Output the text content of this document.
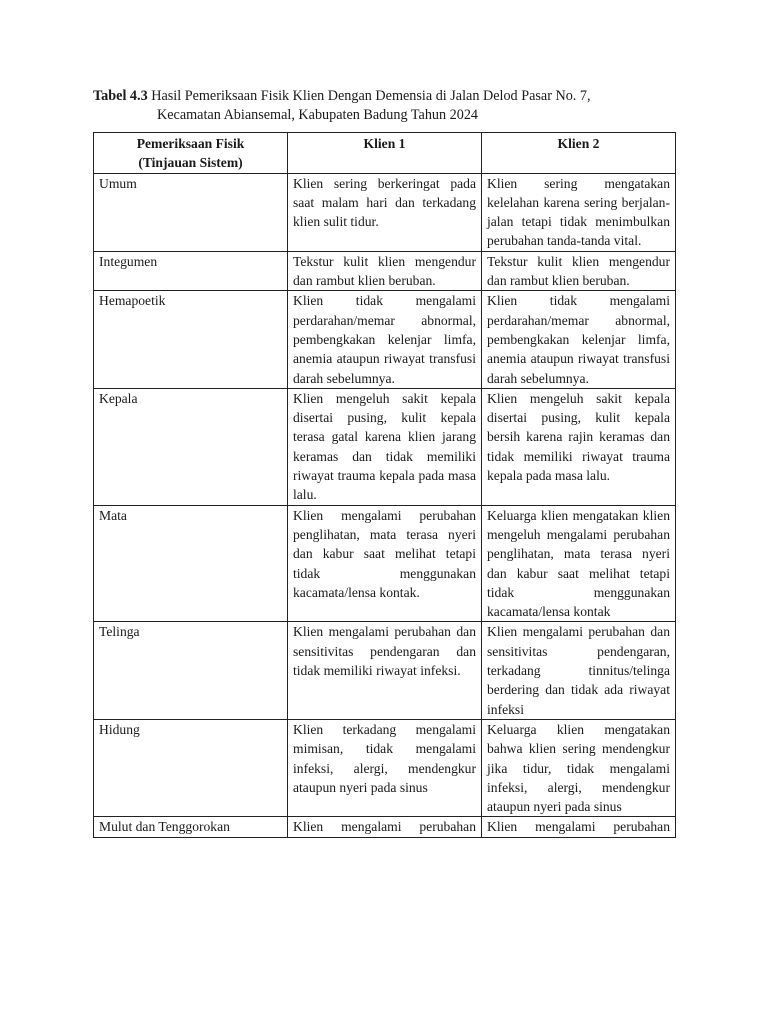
Tabel 4.3 Hasil Pemeriksaan Fisik Klien Dengan Demensia di Jalan Delod Pasar No. 7,
Kecamatan Abiansemal, Kabupaten Badung Tahun 2024
Pemeriksaan Fisik
(Tinjauan Sistem)	Klien 1	Klien 2
Umum	Klien sering berkeringat pada saat malam hari dan terkadang klien sulit tidur.	Klien sering mengatakan kelelahan karena sering berjalan-jalan tetapi tidak menimbulkan perubahan tanda-tanda vital.
Integumen	Tekstur kulit klien mengendur dan rambut klien beruban.	Tekstur kulit klien mengendur dan rambut klien beruban.
Hemapoetik	Klien tidak mengalami perdarahan/memar abnormal, pembengkakan kelenjar limfa, anemia ataupun riwayat transfusi darah sebelumnya.	Klien tidak mengalami perdarahan/memar abnormal, pembengkakan kelenjar limfa, anemia ataupun riwayat transfusi darah sebelumnya.
Kepala	Klien mengeluh sakit kepala disertai pusing, kulit kepala terasa gatal karena klien jarang keramas dan tidak memiliki riwayat trauma kepala pada masa lalu.	Klien mengeluh sakit kepala disertai pusing, kulit kepala bersih karena rajin keramas dan tidak memiliki riwayat trauma kepala pada masa lalu.
Mata	Klien mengalami perubahan penglihatan, mata terasa nyeri dan kabur saat melihat tetapi tidak menggunakan kacamata/lensa kontak.	Keluarga klien mengatakan klien mengeluh mengalami perubahan penglihatan, mata terasa nyeri dan kabur saat melihat tetapi tidak menggunakan kacamata/lensa kontak
Telinga	Klien mengalami perubahan dan sensitivitas pendengaran dan tidak memiliki riwayat infeksi.	Klien mengalami perubahan dan sensitivitas pendengaran, terkadang tinnitus/telinga berdering dan tidak ada riwayat infeksi
Hidung	Klien terkadang mengalami mimisan, tidak mengalami infeksi, alergi, mendengkur ataupun nyeri pada sinus	Keluarga klien mengatakan bahwa klien sering mendengkur jika tidur, tidak mengalami infeksi, alergi, mendengkur ataupun nyeri pada sinus
Mulut dan Tenggorokan	Klien mengalami perubahan	Klien mengalami perubahan
